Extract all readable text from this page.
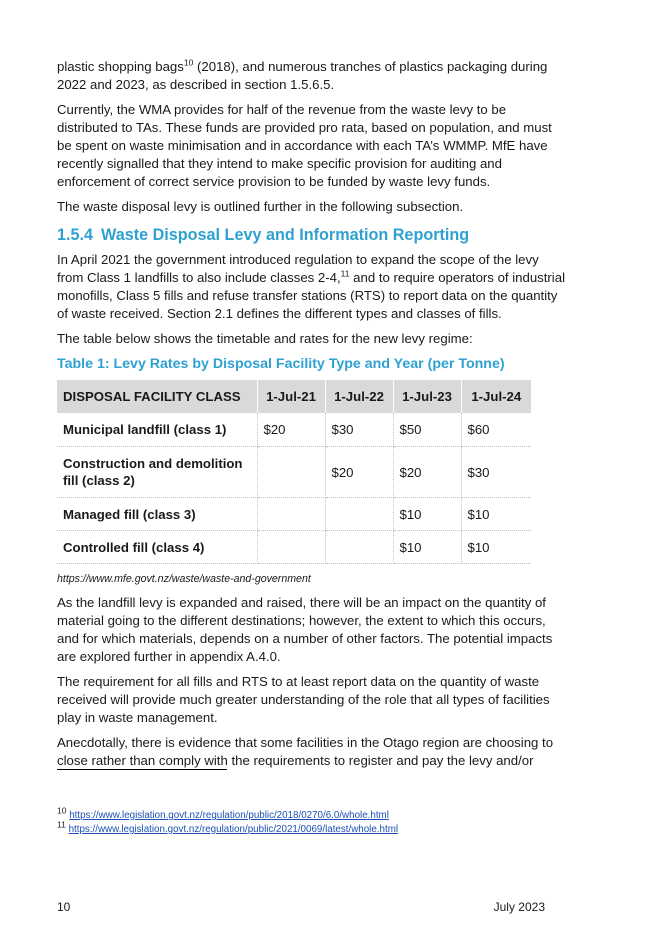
plastic shopping bags$^{10}$ (2018), and numerous tranches of plastics packaging during 2022 and 2023, as described in section 1.5.6.5.

Currently, the WMA provides for half of the revenue from the waste levy to be distributed to TAs. These funds are provided pro rata, based on population, and must be spent on waste minimisation and in accordance with each TA’s WMMP. MfE have recently signalled that they intend to make specific provision for auditing and enforcement of correct service provision to be funded by waste levy funds.

The waste disposal levy is outlined further in the following subsection.

1.5.4 Waste Disposal Levy and Information Reporting

In April 2021 the government introduced regulation to expand the scope of the levy from Class 1 landfills to also include classes 2-4,11 and to require operators of industrial monofills, Class 5 fills and refuse transfer stations (RTS) to report data on the quantity of waste received. Section 2.1 defines the different types and classes of fills.

The table below shows the timetable and rates for the new levy regime:

Table 1: Levy Rates by Disposal Facility Type and Year (per Tonne)
DISPOSAL FACILITY CLASS	1-Jul-21	1-Jul-22	1-Jul-23	1-Jul-24
Municipal landfill (class 1)	$20	$30	$50	$60
Construction and demolition fill (class 2)		$20	$20	$30
Managed fill (class 3)			$10	$10
Controlled fill (class 4)			$10	$10
https://www.mfe.govt.nz/waste/waste-and-government

As the landfill levy is expanded and raised, there will be an impact on the quantity of material going to the different destinations; however, the extent to which this occurs, and for which materials, depends on a number of other factors. The potential impacts are explored further in appendix A.4.0.

The requirement for all fills and RTS to at least report data on the quantity of waste received will provide much greater understanding of the role that all types of facilities play in waste management.

Anecdotally, there is evidence that some facilities in the Otago region are choosing to close rather than comply with the requirements to register and pay the levy and/or

$^{10}$ https://www.legislation.govt.nz/regulation/public/2018/0270/6.0/whole.html
$^{11}$ https://www.legislation.govt.nz/regulation/public/2021/0069/latest/whole.html
10	July 2023
